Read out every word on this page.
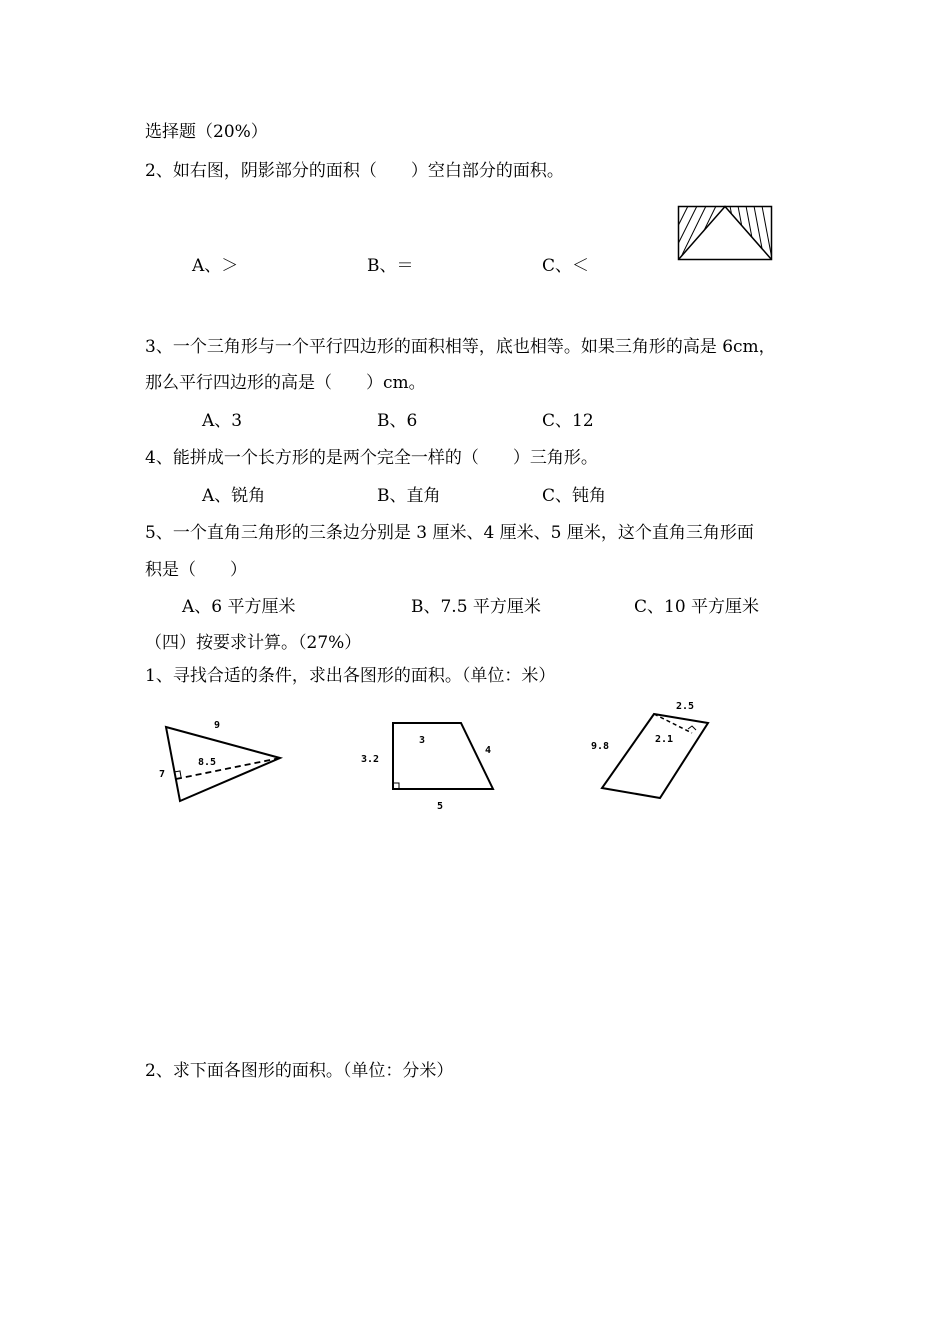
选择题（20%）
2、如右图，阴影部分的面积（　　）空白部分的面积。
A、＞	B、＝	C、＜
3、一个三角形与一个平行四边形的面积相等，底也相等。如果三角形的高是 6cm，
那么平行四边形的高是（　　）cm。
A、3	B、6	C、12
4、能拼成一个长方形的是两个完全一样的（　　）三角形。
A、锐角	B、直角	C、钝角
5、一个直角三角形的三条边分别是 3 厘米、4 厘米、5 厘米，这个直角三角形面
积是（　　）
A、6 平方厘米	B、7.5 平方厘米	C、10 平方厘米
（四）按要求计算。（27%）
1、寻找合适的条件，求出各图形的面积。（单位：米）
9
8.5
7
3
3.2
4
5
2.5
2.1
9.8
2、求下面各图形的面积。（单位：分米）
